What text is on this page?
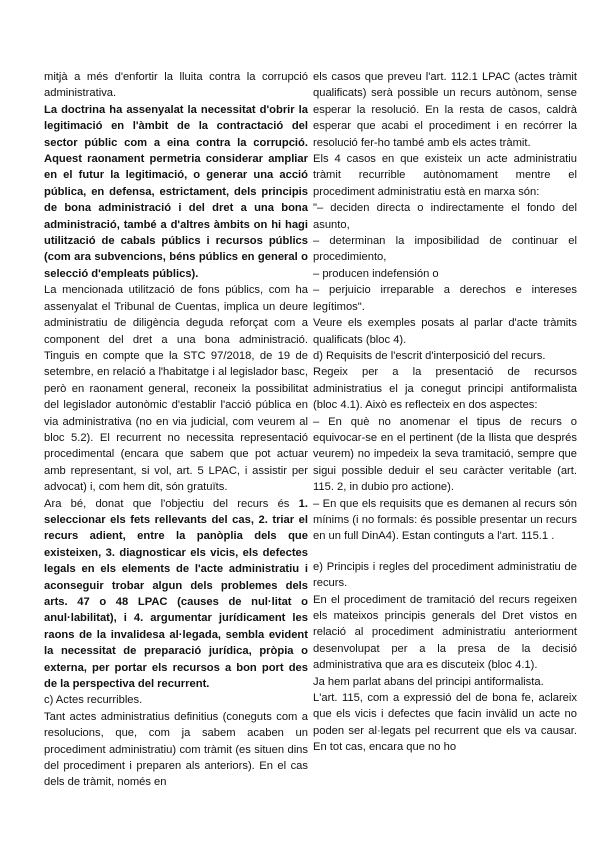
mitjà a més d'enfortir la lluita contra la corrupció administrativa.

La doctrina ha assenyalat la necessitat d'obrir la legitimació en l'àmbit de la contractació del sector públic com a eina contra la corrupció. Aquest raonament permetria considerar ampliar en el futur la legitimació, o generar una acció pública, en defensa, estrictament, dels principis de bona administració i del dret a una bona administració, també a d'altres àmbits on hi hagi utilització de cabals públics i recursos públics (com ara subvencions, béns públics en general o selecció d'empleats públics).

La mencionada utilització de fons públics, com ha assenyalat el Tribunal de Cuentas, implica un deure administratiu de diligència deguda reforçat com a component del dret a una bona administració. Tinguis en compte que la STC 97/2018, de 19 de setembre, en relació a l'habitatge i al legislador basc, però en raonament general, reconeix la possibilitat del legislador autonòmic d'establir l'acció pública en via administrativa (no en via judicial, com veurem al bloc 5.2). El recurrent no necessita representació procedimental (encara que sabem que pot actuar amb representant, si vol, art. 5 LPAC, i assistir per advocat) i, com hem dit, són gratuïts.

Ara bé, donat que l'objectiu del recurs és 1. seleccionar els fets rellevants del cas, 2. triar el recurs adient, entre la panòplia dels que existeixen, 3. diagnosticar els vicis, els defectes legals en els elements de l'acte administratiu i aconseguir trobar algun dels problemes dels arts. 47 o 48 LPAC (causes de nul·litat o anul·labilitat), i 4. argumentar jurídicament les raons de la invalidesa al·legada, sembla evident la necessitat de preparació jurídica, pròpia o externa, per portar els recursos a bon port des de la perspectiva del recurrent.

c) Actes recurribles.

Tant actes administratius definitius (coneguts com a resolucions, que, com ja sabem acaben un procediment administratiu) com tràmit (es situen dins del procediment i preparen als anteriors). En el cas dels de tràmit, només en

els casos que preveu l'art. 112.1 LPAC (actes tràmit qualificats) serà possible un recurs autònom, sense esperar la resolució. En la resta de casos, caldrà esperar que acabi el procediment i en recórrer la resolució fer-ho també amb els actes tràmit.

Els 4 casos en que existeix un acte administratiu tràmit recurrible autònomament mentre el procediment administratiu està en marxa són:

"– deciden directa o indirectamente el fondo del asunto,

– determinan la imposibilidad de continuar el procedimiento,

– producen indefensión o

– perjuicio irreparable a derechos e intereses legítimos".

Veure els exemples posats al parlar d'acte tràmits qualificats (bloc 4).

d) Requisits de l'escrit d'interposició del recurs.

Regeix per a la presentació de recursos administratius el ja conegut principi antiformalista (bloc 4.1). Això es reflecteix en dos aspectes:

– En què no anomenar el tipus de recurs o equivocar-se en el pertinent (de la llista que després veurem) no impedeix la seva tramitació, sempre que sigui possible deduir el seu caràcter veritable (art. 115. 2, in dubio pro actione).

– En que els requisits que es demanen al recurs són mínims (i no formals: és possible presentar un recurs en un full DinA4). Estan continguts a l'art. 115.1 .

e) Principis i regles del procediment administratiu de recurs.

En el procediment de tramitació del recurs regeixen els mateixos principis generals del Dret vistos en relació al procediment administratiu anteriorment desenvolupat per a la presa de la decisió administrativa que ara es discuteix (bloc 4.1).

Ja hem parlat abans del principi antiformalista.

L'art. 115, com a expressió del de bona fe, aclareix que els vicis i defectes que facin invàlid un acte no poden ser al·legats pel recurrent que els va causar. En tot cas, encara que no ho
